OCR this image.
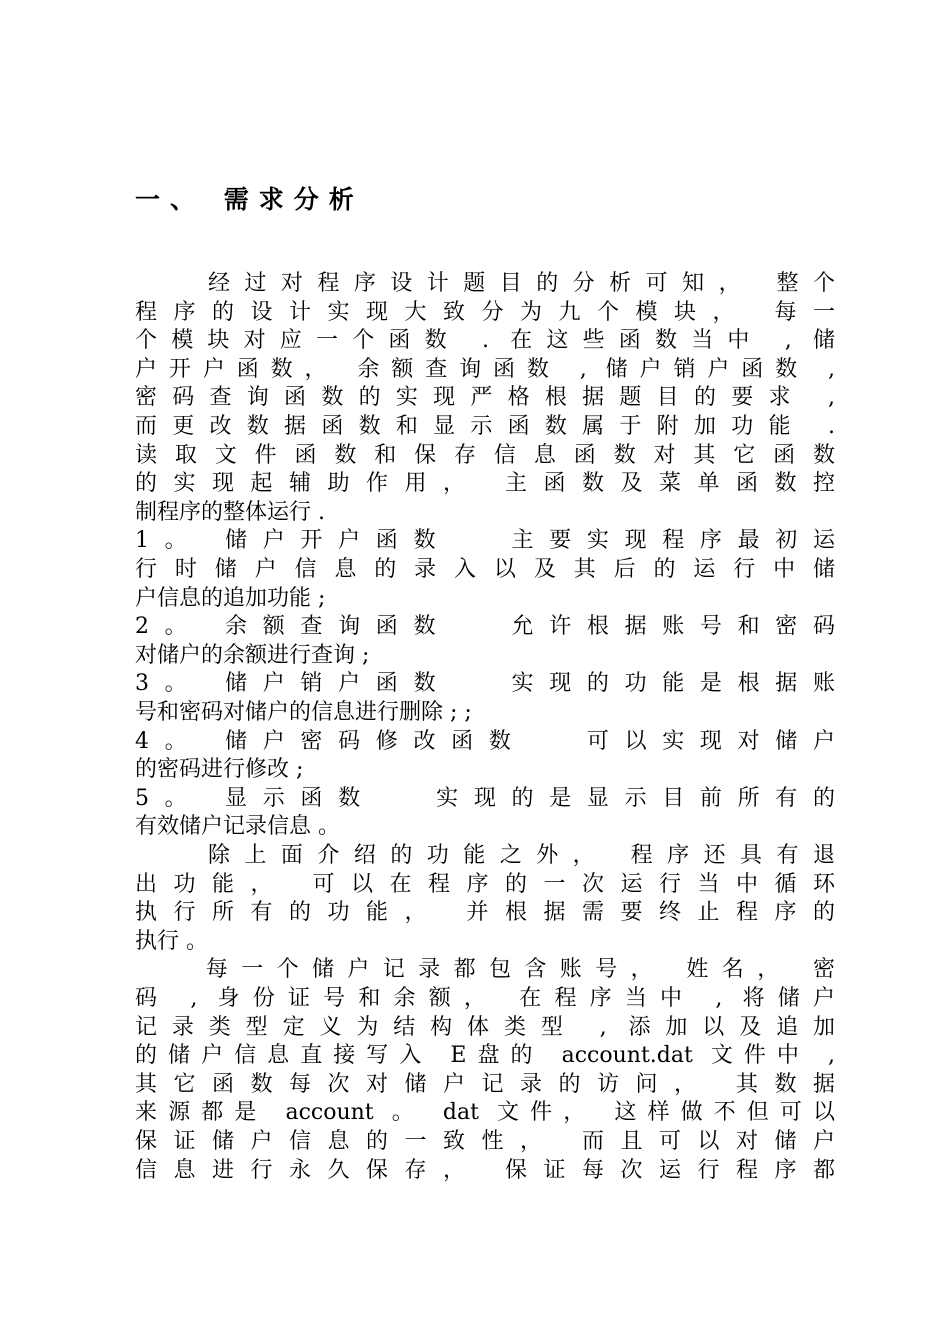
一、 需求分析
　　经过对程序设计题目的分析可知， 整个
程序的设计实现大致分为九个模块， 每一
个模块对应一个函数 . 在这些函数当中 , 储
户开户函数， 余额查询函数 , 储户销户函数 ,
密码查询函数的实现严格根据题目的要求 ,
而更改数据函数和显示函数属于附加功能 .
读取文件函数和保存信息函数对其它函数
的实现起辅助作用， 主函数及菜单函数控
制程序的整体运行 .
1。 储户开户函数　 主要实现程序最初运
行时储户信息的录入以及其后的运行中储
户信息的追加功能 ;
2。 余额查询函数　 允许根据账号和密码
对储户的余额进行查询 ;
3。 储户销户函数　 实现的功能是根据账
号和密码对储户的信息进行删除 ; ;
4。 储户密码修改函数　 可以实现对储户
的密码进行修改 ;
5。 显示函数　 实现的是显示目前所有的
有效储户记录信息 。
　　除上面介绍的功能之外， 程序还具有退
出功能， 可以在程序的一次运行当中循环
执行所有的功能， 并根据需要终止程序的
执行 。
　　每一个储户记录都包含账号， 姓名， 密
码 , 身份证号和余额， 在程序当中 , 将储户
记录类型定义为结构体类型 , 添加以及追加
的储户信息直接写入 E盘的 account.dat 文件中 ,
其它函数每次对储户记录的访问， 其数据
来源都是 account 。 dat 文件， 这样做不但可以
保证储户信息的一致性， 而且可以对储户
信息进行永久保存， 保证每次运行程序都
